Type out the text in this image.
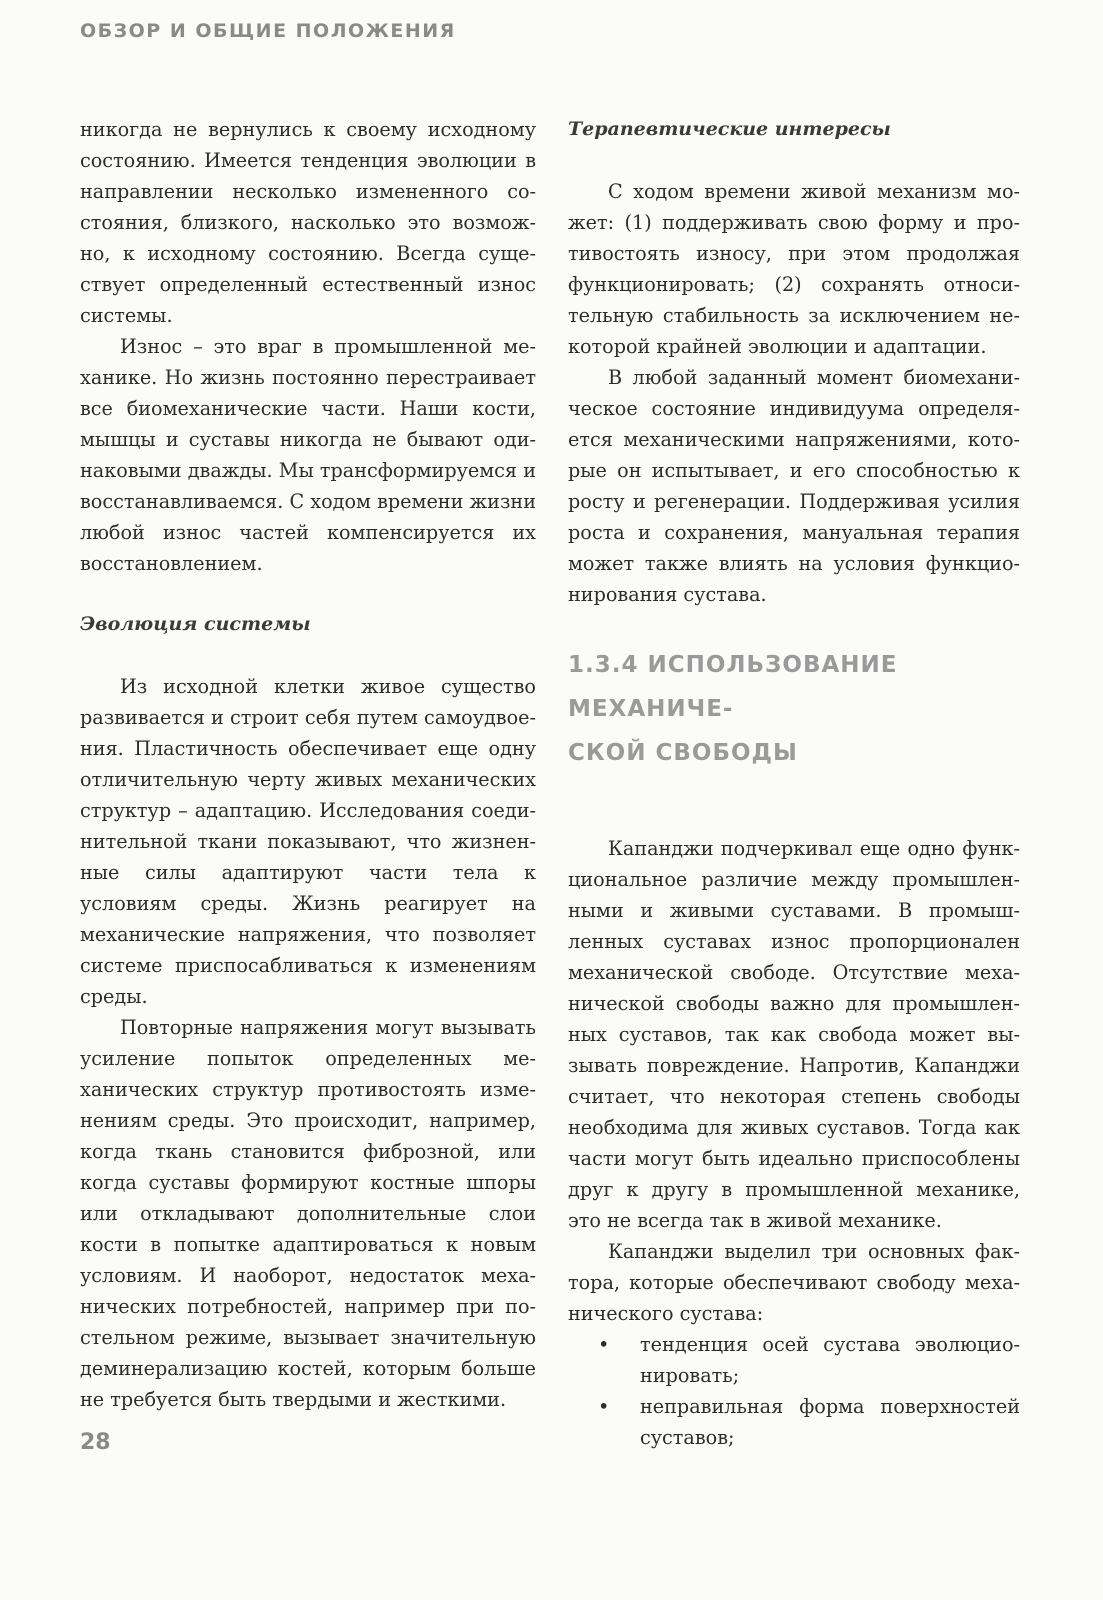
ОБЗОР И ОБЩИЕ ПОЛОЖЕНИЯ

никогда не вернулись к своему исходному состоянию. Имеется тенденция эволюции в направлении несколько измененного состояния, близкого, насколько это возможно, к исходному состоянию. Всегда существует определенный естественный износ системы.

Износ – это враг в промышленной механике. Но жизнь постоянно перестраивает все биомеханические части. Наши кости, мышцы и суставы никогда не бывают одинаковыми дважды. Мы трансформируемся и восстанавливаемся. С ходом времени жизни любой износ частей компенсируется их восстановлением.

Эволюция системы

Из исходной клетки живое существо развивается и строит себя путем самоудвоения. Пластичность обеспечивает еще одну отличительную черту живых механических структур – адаптацию. Исследования соединительной ткани показывают, что жизненные силы адаптируют части тела к условиям среды. Жизнь реагирует на механические напряжения, что позволяет системе приспосабливаться к изменениям среды.

Повторные напряжения могут вызывать усиление попыток определенных механических структур противостоять изменениям среды. Это происходит, например, когда ткань становится фиброзной, или когда суставы формируют костные шпоры или откладывают дополнительные слои кости в попытке адаптироваться к новым условиям. И наоборот, недостаток механических потребностей, например при постельном режиме, вызывает значительную деминерализацию костей, которым больше не требуется быть твердыми и жесткими.

Терапевтические интересы

С ходом времени живой механизм может: (1) поддерживать свою форму и противостоять износу, при этом продолжая функционировать; (2) сохранять относительную стабильность за исключением некоторой крайней эволюции и адаптации.

В любой заданный момент биомеханическое состояние индивидуума определяется механическими напряжениями, которые он испытывает, и его способностью к росту и регенерации. Поддерживая усилия роста и сохранения, мануальная терапия может также влиять на условия функционирования сустава.

1.3.4 ИСПОЛЬЗОВАНИЕ МЕХАНИЧЕ-
СКОЙ СВОБОДЫ

Капанджи подчеркивал еще одно функциональное различие между промышленными и живыми суставами. В промышленных суставах износ пропорционален механической свободе. Отсутствие механической свободы важно для промышленных суставов, так как свобода может вызывать повреждение. Напротив, Капанджи считает, что некоторая степень свободы необходима для живых суставов. Тогда как части могут быть идеально приспособлены друг к другу в промышленной механике, это не всегда так в живой механике.

Капанджи выделил три основных фактора, которые обеспечивают свободу механического сустава:

• тенденция осей сустава эволюционировать;
• неправильная форма поверхностей суставов;
28
